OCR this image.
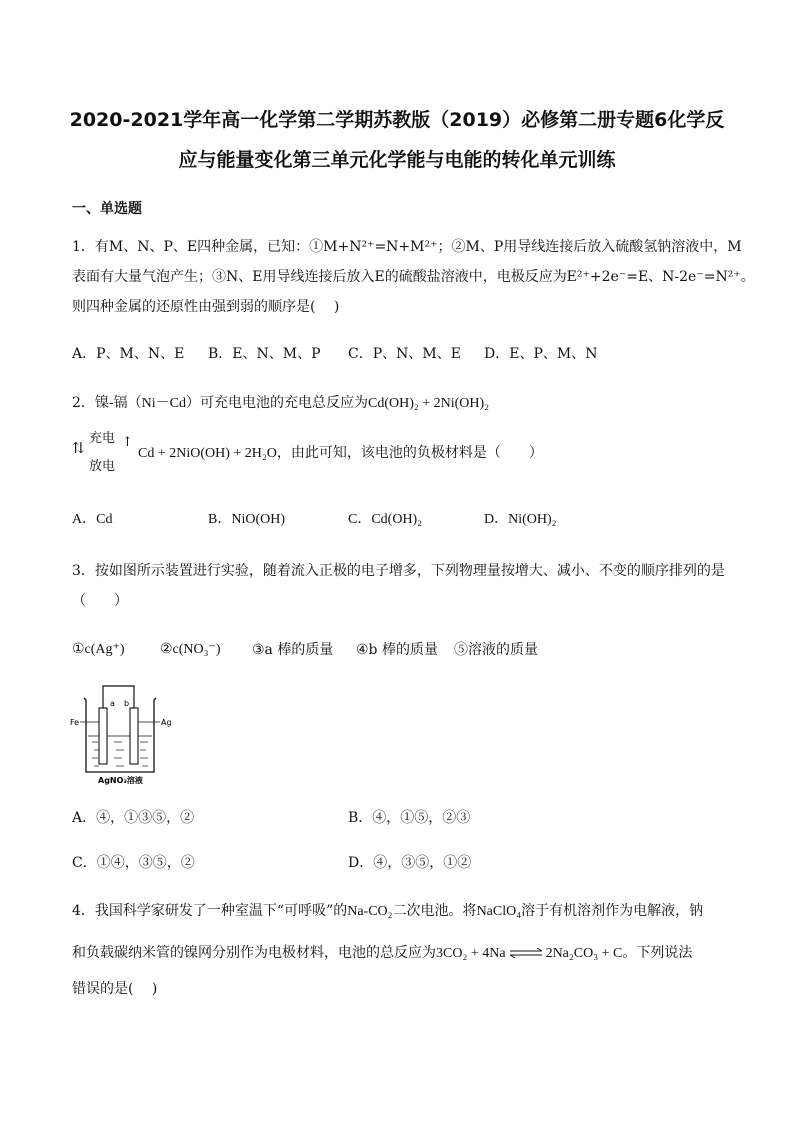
2020-2021学年高一化学第二学期苏教版（2019）必修第二册专题6化学反
应与能量变化第三单元化学能与电能的转化单元训练
一、单选题
1．有M、N、P、E四种金属，已知：①M+N²⁺=N+M²⁺；②M、P用导线连接后放入硫酸氢钠溶液中，M
表面有大量气泡产生；③N、E用导线连接后放入E的硫酸盐溶液中，电极反应为E²⁺+2e⁻=E、N-2e⁻=N²⁺。
则四种金属的还原性由强到弱的顺序是(　 )
A．P、M、N、E B．E、N、M、P C．P、N、M、E D．E、P、M、N
2．镍-镉（Ni－Cd）可充电电池的充电总反应为Cd(OH)₂ + 2Ni(OH)₂
⇅
充电
放电
↑
Cd + 2NiO(OH) + 2H₂O，由此可知，该电池的负极材料是（　　）
A．Cd	B．NiO(OH)	C．Cd(OH)₂	D．Ni(OH)₂
3．按如图所示装置进行实验，随着流入正极的电子增多，下列物理量按增大、减小、不变的顺序排列的是
（　　）
①c(Ag⁺)	②c(NO₃⁻) ③a 棒的质量 ④b 棒的质量 ⑤溶液的质量
Fe	Ag
a b
AgNO₃溶液
A．④，①③⑤，②	B．④，①⑤，②③
C．①④，③⑤，②	D．④，③⑤，①②
4．我国科学家研发了一种室温下“可呼吸”的Na-CO₂二次电池。将NaClO₄溶于有机溶剂作为电解液，钠
和负载碳纳米管的镍网分别作为电极材料，电池的总反应为3CO₂ + 4Na ⇌ 2Na₂CO₃ + C。下列说法
错误的是(　 )
